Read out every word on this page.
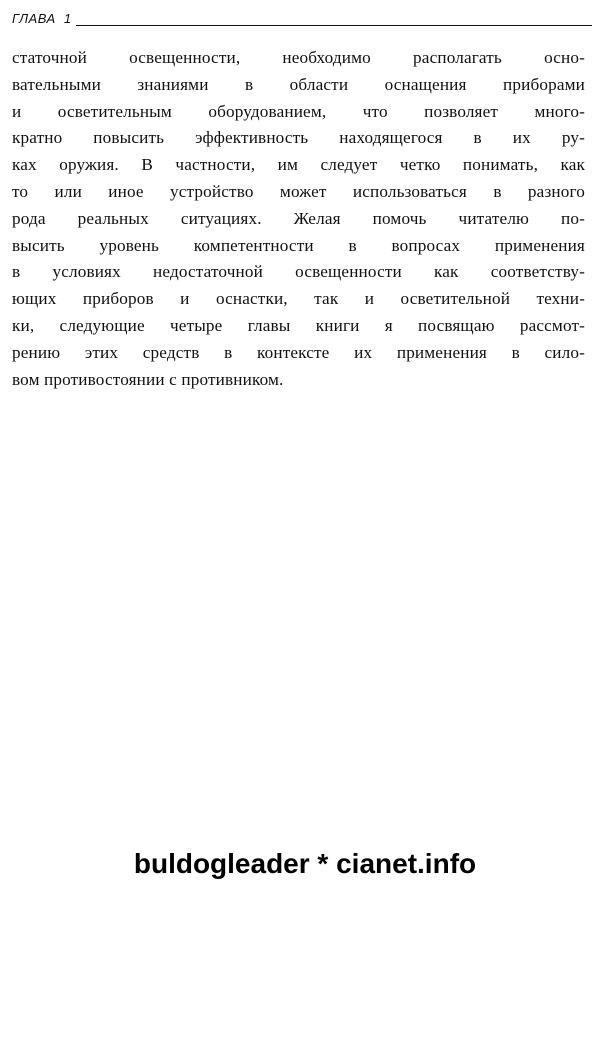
ГЛАВА  1
статочной освещенности, необходимо располагать осно-
вательными знаниями в области оснащения приборами
и осветительным оборудованием, что позволяет много-
кратно повысить эффективность находящегося в их ру-
ках оружия. В частности, им следует четко понимать, как
то или иное устройство может использоваться в разного
рода реальных ситуациях. Желая помочь читателю по-
высить уровень компетентности в вопросах применения
в условиях недостаточной освещенности как соответству-
ющих приборов и оснастки, так и осветительной техни-
ки, следующие четыре главы книги я посвящаю рассмот-
рению этих средств в контексте их применения в сило-
вом противостоянии с противником.
buldogleader * cianet.info
